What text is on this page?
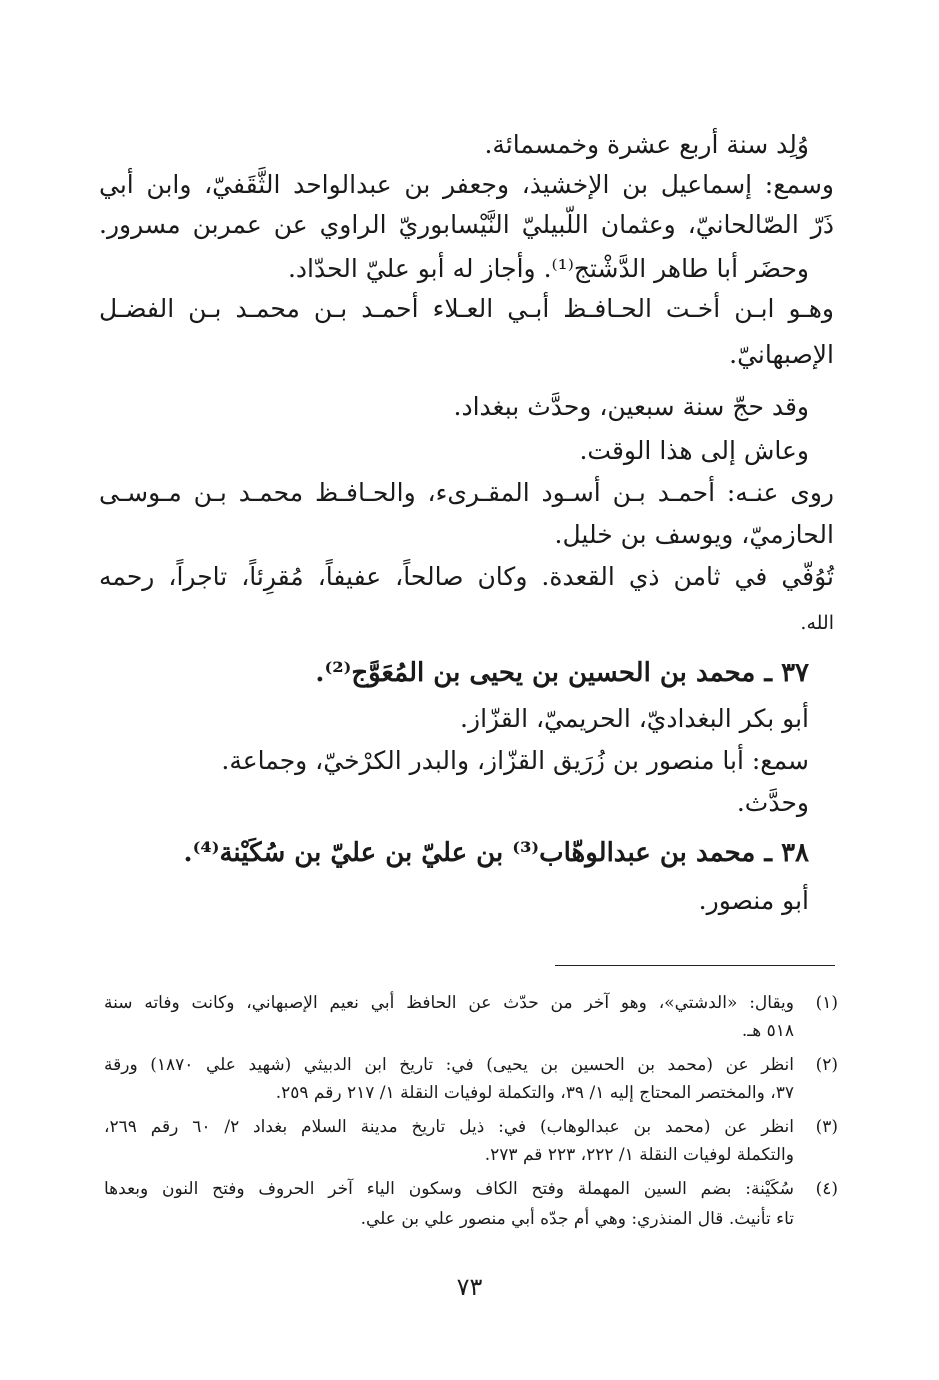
وُلِد سنة أربع عشرة وخمسمائة.
وسمع: إسماعيل بن الإخشيذ، وجعفر بن عبدالواحد الثَّقَفيّ، وابن أبي
ذَرّ الصّالحانيّ، وعثمان اللّبيليّ النَّيْسابوريّ الراوي عن عمربن مسرور.
وحضَر أبا طاهر الدَّشْتج⁽¹⁾. وأجاز له أبو عليّ الحدّاد.
وهـو ابـن أخـت الحـافـظ أبـي العـلاء أحمـد بـن محمـد بـن الفضـل
الإصبهانيّ.
وقد حجّ سنة سبعين، وحدَّث ببغداد.
وعاش إلى هذا الوقت.
روى عنـه: أحمـد بـن أسـود المقـرىء، والحـافـظ محمـد بـن مـوسـى
الحازميّ، ويوسف بن خليل.
تُوُفّي في ثامن ذي القعدة. وكان صالحاً، عفيفاً، مُقرِئاً، تاجراً، رحمه
الله.
٣٧ ـ محمد بن الحسين بن يحيى بن المُعَوَّج⁽²⁾.
أبو بكر البغداديّ، الحريميّ، القزّاز.
سمع: أبا منصور بن زُرَيق القزّاز، والبدر الكرْخيّ، وجماعة.
وحدَّث.
٣٨ ـ محمد بن عبدالوهّاب⁽³⁾ بن عليّ بن عليّ بن سُكَيْنة⁽⁴⁾.
أبو منصور.
(١)
ويقال: «الدشتي»، وهو آخر من حدّث عن الحافظ أبي نعيم الإصبهاني، وكانت وفاته سنة
٥١٨ هـ.
(٢)
انظر عن (محمد بن الحسين بن يحيى) في: تاريخ ابن الدبيثي (شهيد علي ١٨٧٠) ورقة
٣٧، والمختصر المحتاج إليه ١/ ٣٩، والتكملة لوفيات النقلة ١/ ٢١٧ رقم ٢٥٩.
(٣)
انظر عن (محمد بن عبدالوهاب) في: ذيل تاريخ مدينة السلام بغداد ٢/ ٦٠ رقم ٢٦٩،
والتكملة لوفيات النقلة ١/ ٢٢٢، ٢٢٣ قم ٢٧٣.
(٤)
سُكَيْنة: بضم السين المهملة وفتح الكاف وسكون الياء آخر الحروف وفتح النون وبعدها
تاء تأنيث. قال المنذري: وهي أم جدّه أبي منصور علي بن علي.
٧٣
